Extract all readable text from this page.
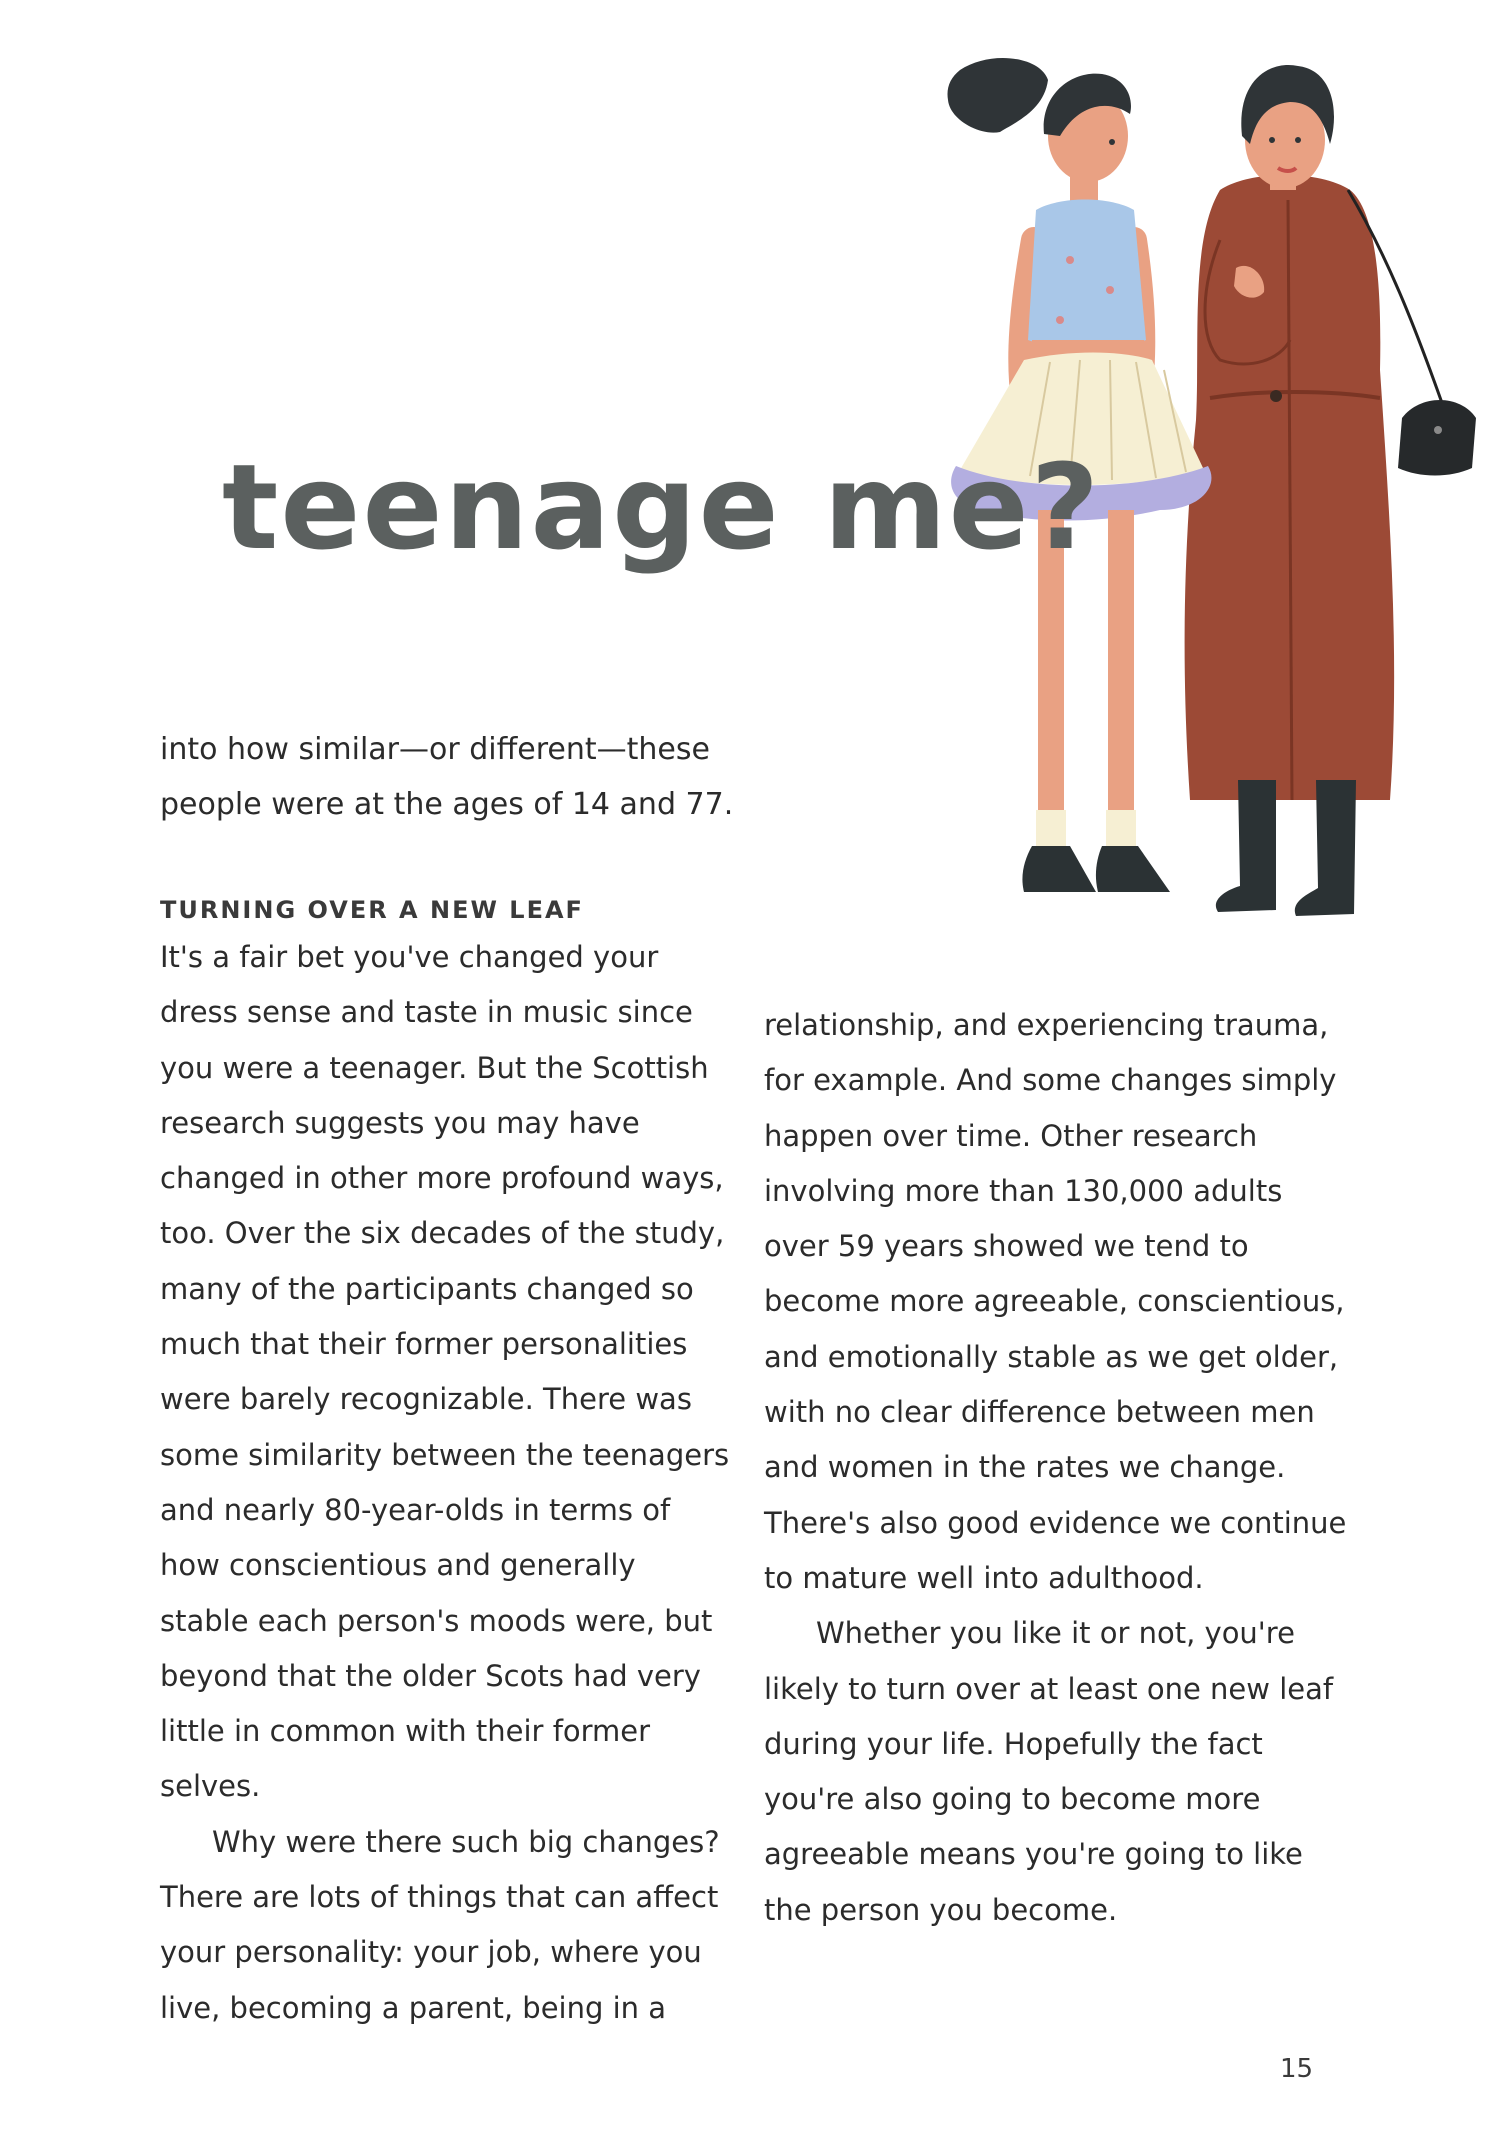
teenage me?

into how similar—or different—these people were at the ages of 14 and 77.

TURNING OVER A NEW LEAF

It's a fair bet you've changed your dress sense and taste in music since you were a teenager. But the Scottish research suggests you may have changed in other more profound ways, too. Over the six decades of the study, many of the participants changed so much that their former personalities were barely recognizable. There was some similarity between the teenagers and nearly 80-year-olds in terms of how conscientious and generally stable each person's moods were, but beyond that the older Scots had very little in common with their former selves.

Why were there such big changes? There are lots of things that can affect your personality: your job, where you live, becoming a parent, being in a

relationship, and experiencing trauma, for example. And some changes simply happen over time. Other research involving more than 130,000 adults over 59 years showed we tend to become more agreeable, conscientious, and emotionally stable as we get older, with no clear difference between men and women in the rates we change. There's also good evidence we continue to mature well into adulthood.

Whether you like it or not, you're likely to turn over at least one new leaf during your life. Hopefully the fact you're also going to become more agreeable means you're going to like the person you become.

15
